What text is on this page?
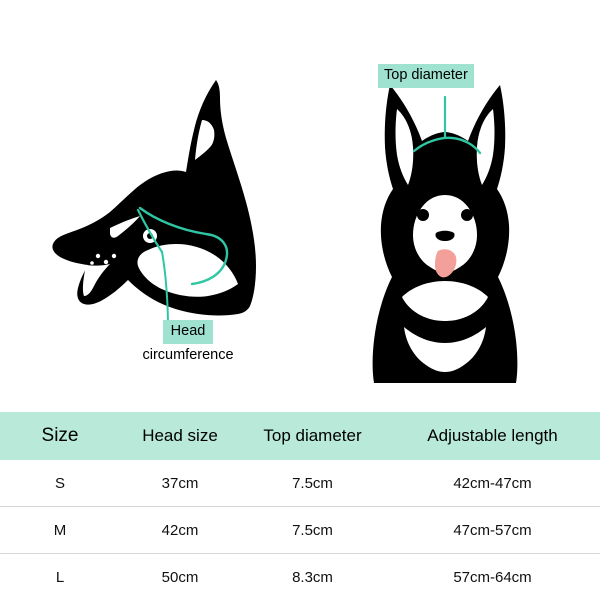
Top diameter
Head
circumference
Size	Head size	Top diameter	Adjustable length
S	37cm	7.5cm	42cm-47cm
M	42cm	7.5cm	47cm-57cm
L	50cm	8.3cm	57cm-64cm
